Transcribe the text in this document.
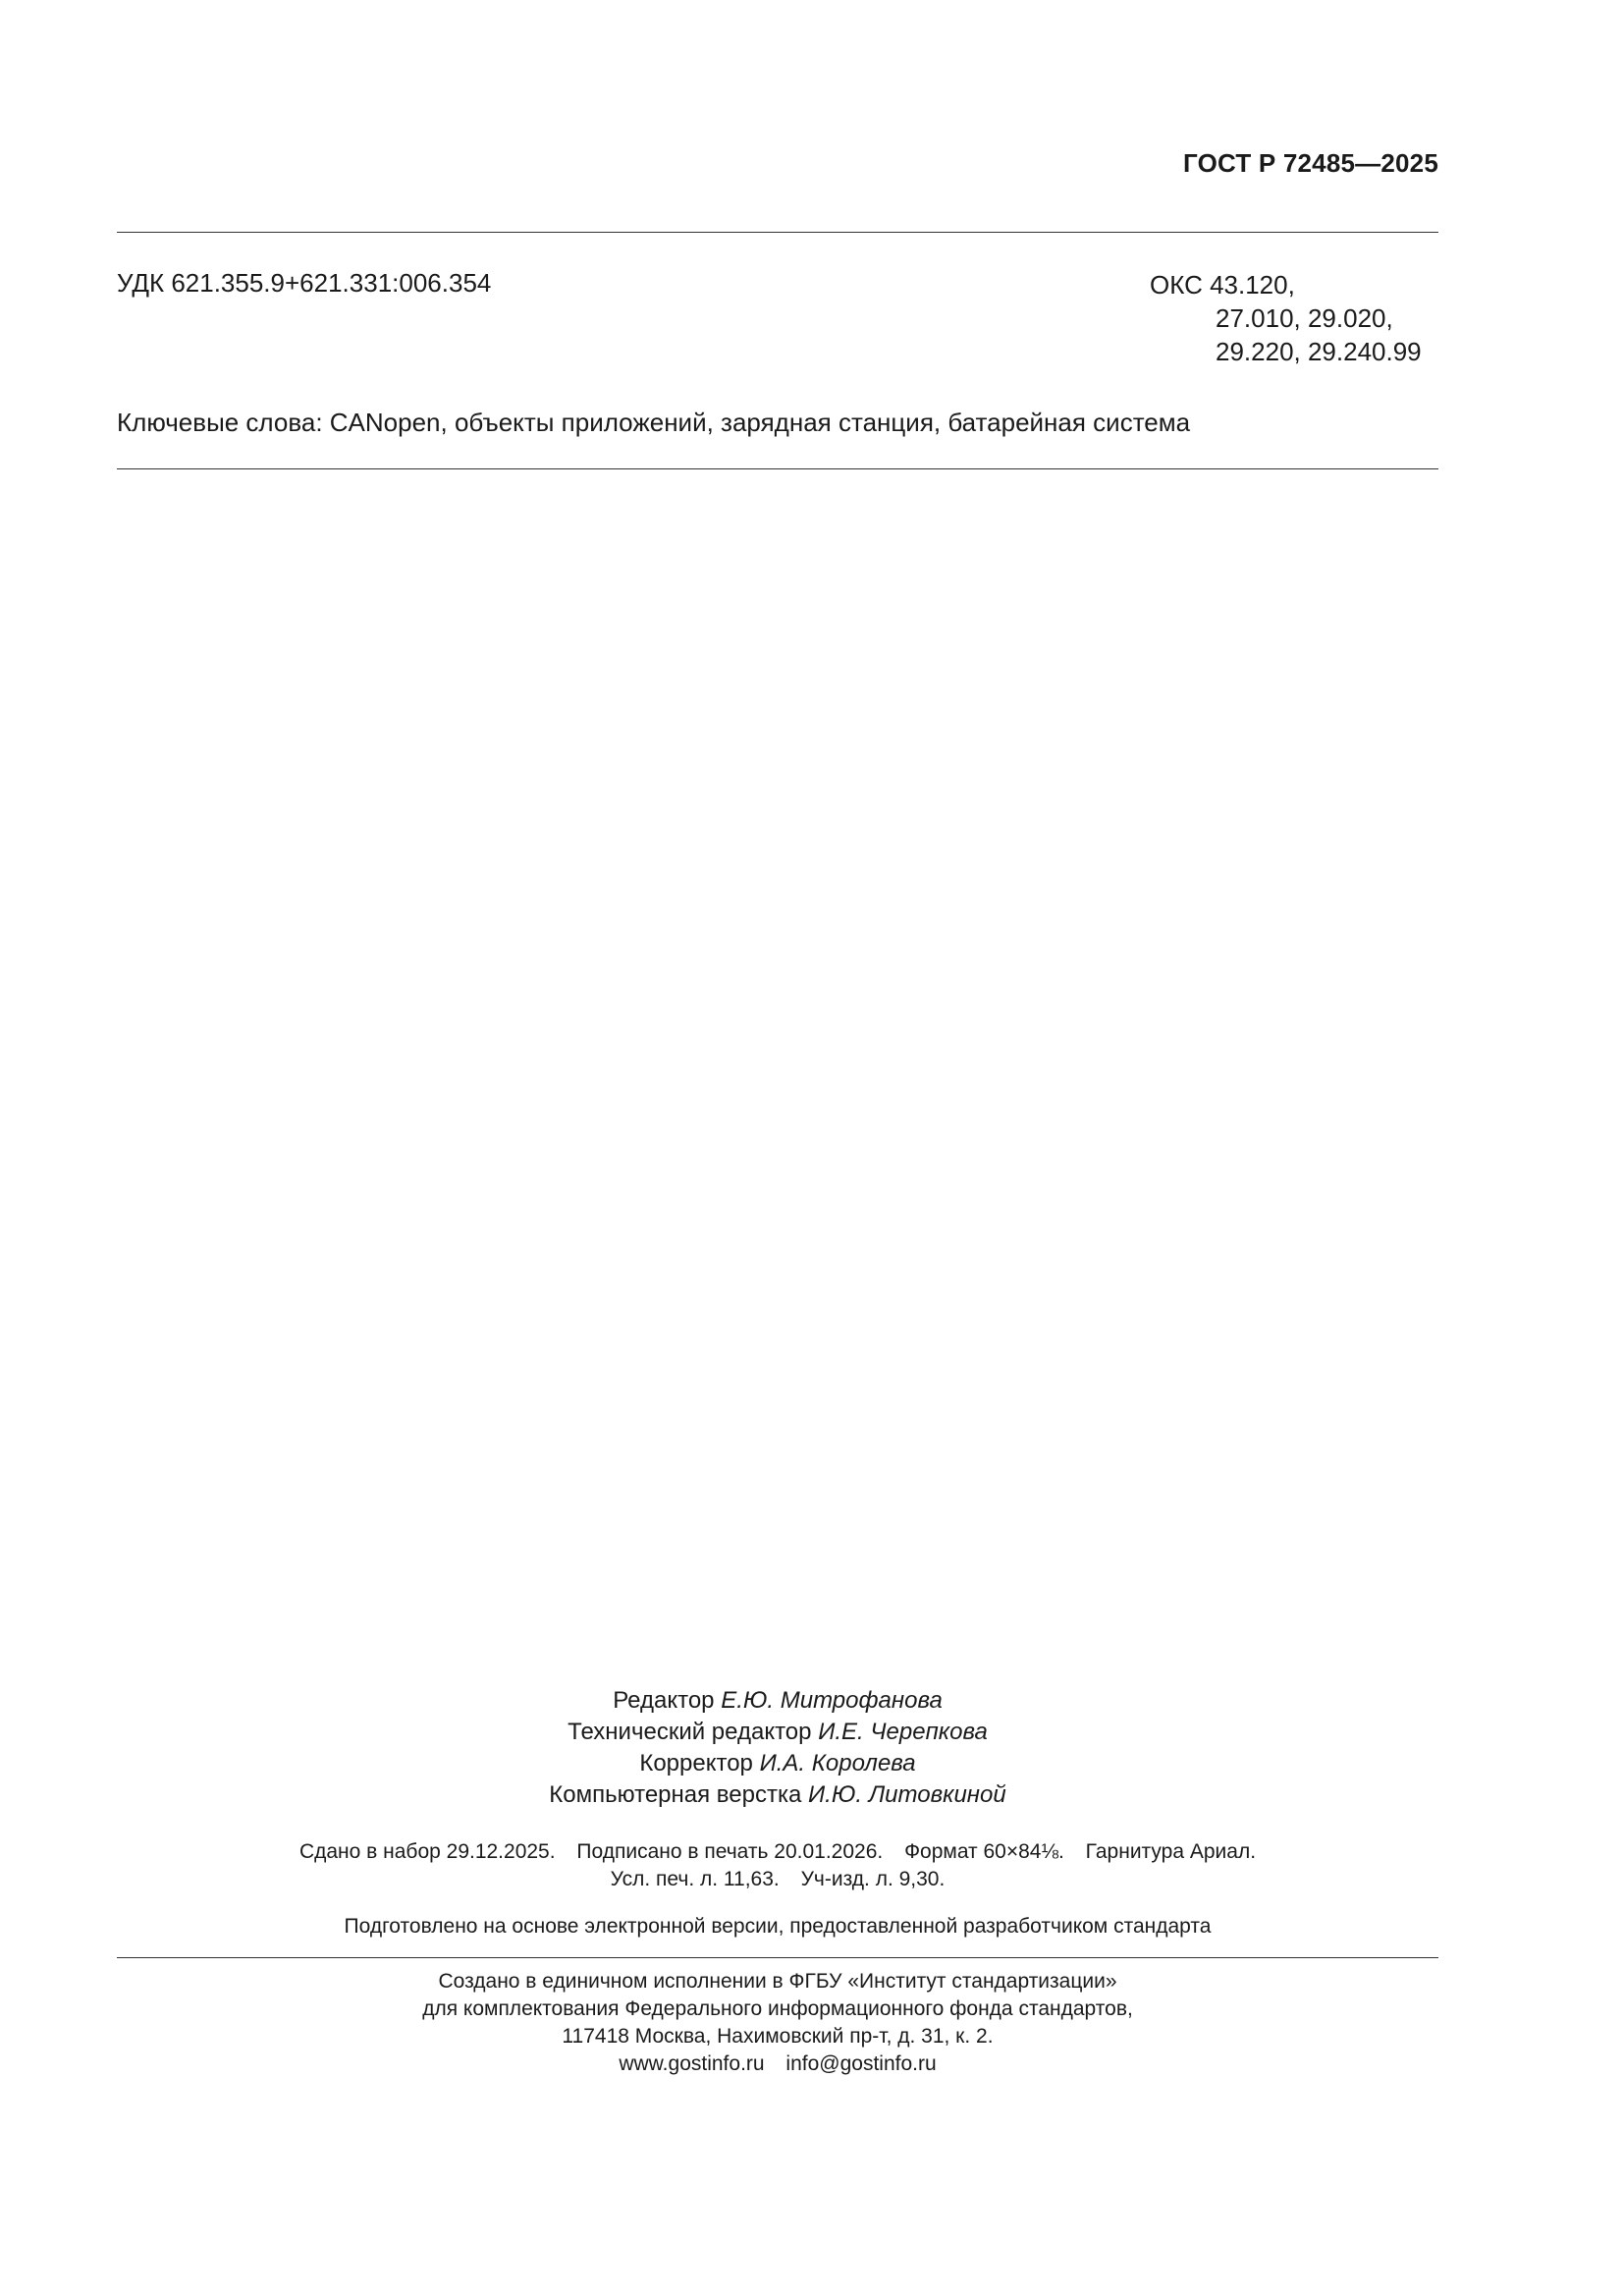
ГОСТ Р 72485—2025
УДК 621.355.9+621.331:006.354	ОКС 43.120,
27.010, 29.020,
29.220, 29.240.99
Ключевые слова: CANopen, объекты приложений, зарядная станция, батарейная система
Редактор Е.Ю. Митрофанова
Технический редактор И.Е. Черепкова
Корректор И.А. Королева
Компьютерная верстка И.Ю. Литовкиной
Сдано в набор 29.12.2025. Подписано в печать 20.01.2026. Формат 60×84⅛. Гарнитура Ариал.
Усл. печ. л. 11,63. Уч-изд. л. 9,30.
Подготовлено на основе электронной версии, предоставленной разработчиком стандарта
Создано в единичном исполнении в ФГБУ «Институт стандартизации»
для комплектования Федерального информационного фонда стандартов,
117418 Москва, Нахимовский пр-т, д. 31, к. 2.
www.gostinfo.ru info@gostinfo.ru
